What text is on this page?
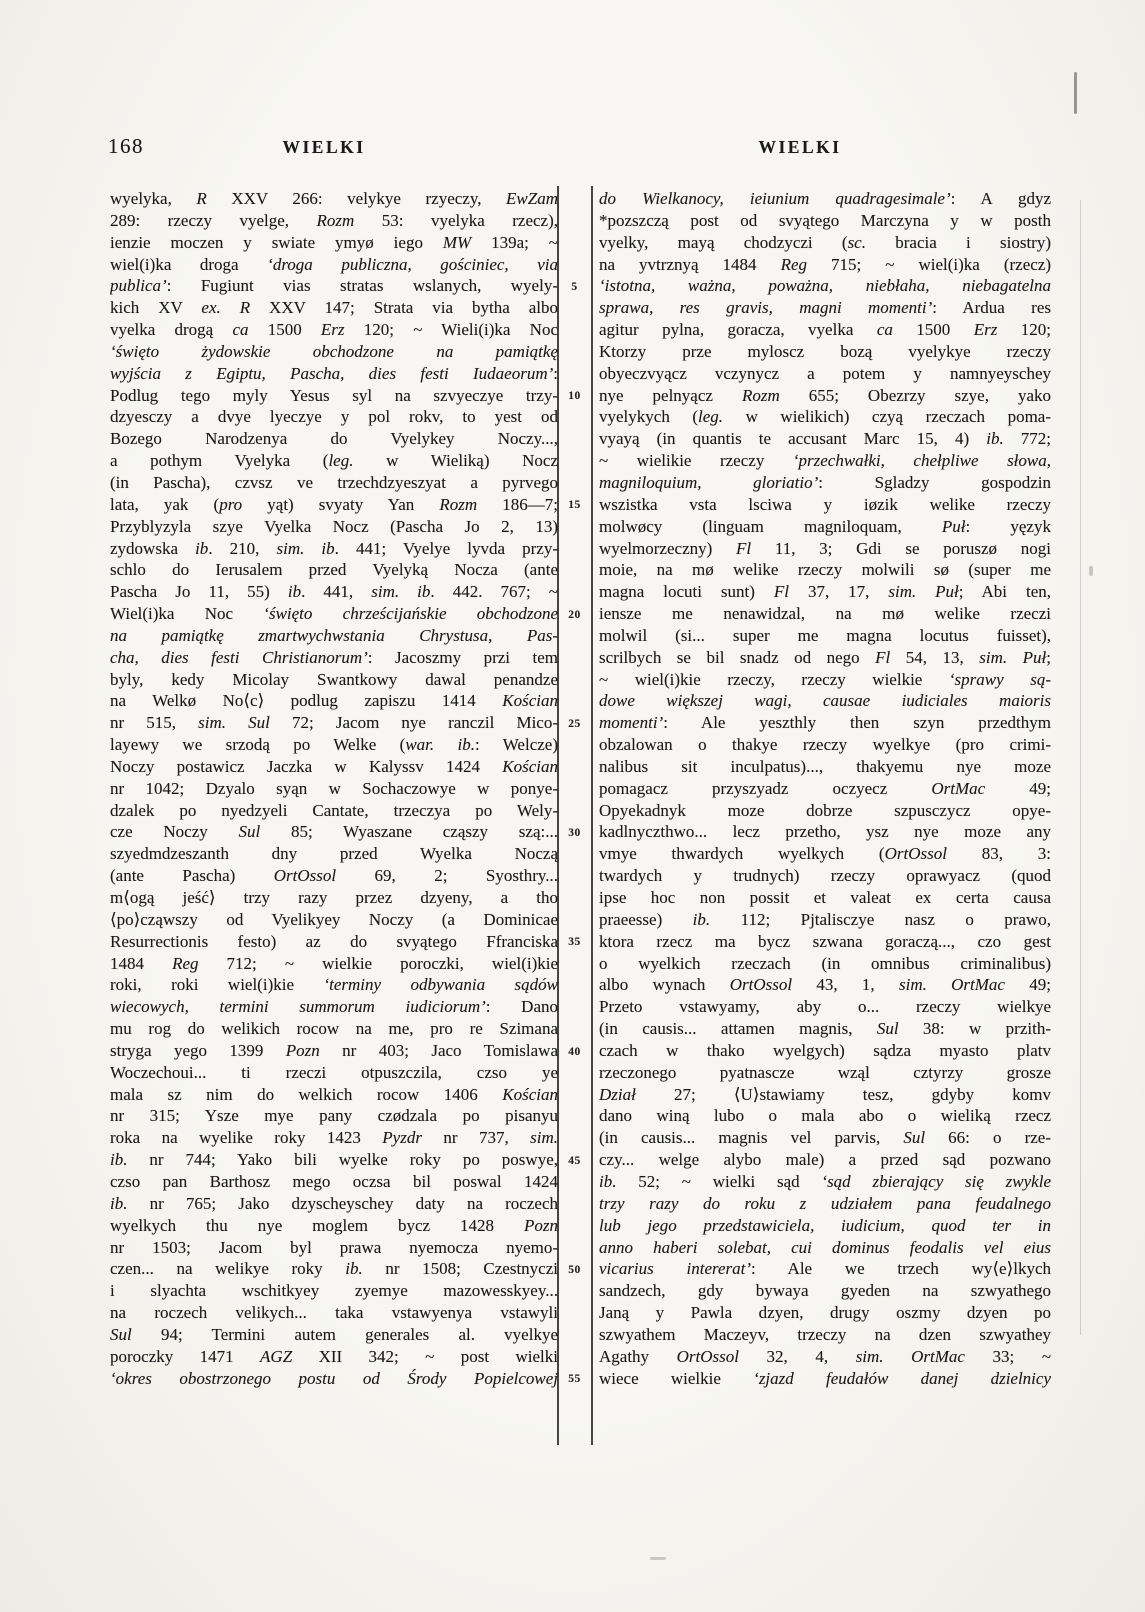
168	WIELKI	WIELKI
5
10
15
20
25
30
35
40
45
50
55
wyelyka, R XXV 266: velykye rzyeczy, EwZam
289: rzeczy vyelge, Rozm 53: vyelyka rzecz),
ienzie moczen y swiate ymyø iego MW 139a; ~
wiel(i)ka droga ‘droga publiczna, gościniec, via
publica’: Fugiunt vias stratas wslanych, wyely-
kich XV ex. R XXV 147; Strata via bytha albo
vyelka drogą ca 1500 Erz 120; ~ Wieli(i)ka Noc
‘święto żydowskie obchodzone na pamiątkę
wyjścia z Egiptu, Pascha, dies festi Iudaeorum’:
Podlug tego myly Yesus syl na szvyeczye trzy-
dzyesczy a dvye lyeczye y pol rokv, to yest od
Bozego Narodzenya do Vyelykey Noczy...,
a pothym Vyelyka (leg. w Wieliką) Nocz
(in Pascha), czvsz ve trzechdzyeszyat a pyrvego
lata, yak (pro yąt) svyaty Yan Rozm 186—7;
Przyblyzyla szye Vyelka Nocz (Pascha Jo 2, 13)
zydowska ib. 210, sim. ib. 441; Vyelye lyvda przy-
schlo do Ierusalem przed Vyelyką Nocza (ante
Pascha Jo 11, 55) ib. 441, sim. ib. 442. 767; ~
Wiel(i)ka Noc ‘święto chrześcijańskie obchodzone
na pamiątkę zmartwychwstania Chrystusa, Pas-
cha, dies festi Christianorum’: Jacoszmy przi tem
byly, kedy Micolay Swantkowy dawal penandze
na Welkø No⟨c⟩ podlug zapiszu 1414 Kościan
nr 515, sim. Sul 72; Jacom nye ranczil Mico-
layewy we srzodą po Welke (war. ib.: Welcze)
Noczy postawicz Jaczka w Kalyssv 1424 Kościan
nr 1042; Dzyalo syąn w Sochaczowye w ponye-
dzalek po nyedzyeli Cantate, trzeczya po Wely-
cze Noczy Sul 85; Wyaszane cząszy szą:...
szyedmdzeszanth dny przed Wyelka Noczą
(ante Pascha) OrtOssol 69, 2; Syosthry...
m⟨ogą jeść⟩ trzy razy przez dzyeny, a tho
⟨po⟩cząwszy od Vyelikyey Noczy (a Dominicae
Resurrectionis festo) az do svyątego Ffranciska
1484 Reg 712; ~ wielkie poroczki, wiel(i)kie
roki, roki wiel(i)kie ‘terminy odbywania sądów
wiecowych, termini summorum iudiciorum’: Dano
mu rog do welikich rocow na me, pro re Szimana
stryga yego 1399 Pozn nr 403; Jaco Tomislawa
Woczechoui... ti rzeczi otpuszczila, czso ye
mala sz nim do welkich rocow 1406 Kościan
nr 315; Ysze mye pany czødzala po pisanyu
roka na wyelike roky 1423 Pyzdr nr 737, sim.
ib. nr 744; Yako bili wyelke roky po poswye,
czso pan Barthosz mego oczsa bil poswal 1424
ib. nr 765; Jako dzyscheyschey daty na roczech
wyelkych thu nye moglem bycz 1428 Pozn
nr 1503; Jacom byl prawa nyemocza nyemo-
czen... na welikye roky ib. nr 1508; Czestnyczi
i slyachta wschitkyey zyemye mazowesskyey...
na roczech velikych... taka vstawyenya vstawyli
Sul 94; Termini autem generales al. vyelkye
poroczky 1471 AGZ XII 342; ~ post wielki
‘okres obostrzonego postu od Środy Popielcowej
do Wielkanocy, ieiunium quadragesimale’: A gdyz
*pozszczą post od svyątego Marczyna y w posth
vyelky, mayą chodzyczi (sc. bracia i siostry)
na yvtrznyą 1484 Reg 715; ~ wiel(i)ka (rzecz)
‘istotna, ważna, poważna, niebłaha, niebagatelna
sprawa, res gravis, magni momenti’: Ardua res
agitur pylna, goracza, vyelka ca 1500 Erz 120;
Ktorzy prze myloscz bozą vyelykye rzeczy
obyeczvyącz vczynycz a potem y namnyeyschey
nye pelnyącz Rozm 655; Obezrzy szye, yako
vyelykych (leg. w wielikich) czyą rzeczach poma-
vyayą (in quantis te accusant Marc 15, 4) ib. 772;
~ wielikie rzeczy ‘przechwałki, chełpliwe słowa,
magniloquium, gloriatio’: Sgladzy gospodzin
wszistka vsta lsciwa y iøzik welike rzeczy
molwøcy (linguam magniloquam, Puł: yęzyk
wyelmorzeczny) Fl 11, 3; Gdi se poruszø nogi
moie, na mø welike rzeczy molwili sø (super me
magna locuti sunt) Fl 37, 17, sim. Puł; Abi ten,
iensze me nenawidzal, na mø welike rzeczi
molwil (si... super me magna locutus fuisset),
scrilbych se bil snadz od nego Fl 54, 13, sim. Puł;
~ wiel(i)kie rzeczy, rzeczy wielkie ‘sprawy są-
dowe większej wagi, causae iudiciales maioris
momenti’: Ale yeszthly then szyn przedthym
obzalowan o thakye rzeczy wyelkye (pro crimi-
nalibus sit inculpatus)..., thakyemu nye moze
pomagacz przyszyadz oczyecz OrtMac 49;
Opyekadnyk moze dobrze szpusczycz opye-
kadlnyczthwo... lecz przetho, ysz nye moze any
vmye thwardych wyelkych (OrtOssol 83, 3:
twardych y trudnych) rzeczy oprawyacz (quod
ipse hoc non possit et valeat ex certa causa
praeesse) ib. 112; Pjtalisczye nasz o prawo,
ktora rzecz ma bycz szwana goraczą..., czo gest
o wyelkich rzeczach (in omnibus criminalibus)
albo wynach OrtOssol 43, 1, sim. OrtMac 49;
Przeto vstawyamy, aby o... rzeczy wielkye
(in causis... attamen magnis, Sul 38: w przith-
czach w thako wyelgych) sądza myasto platv
rzeczonego pyatnascze wząl cztyrzy grosze
Dział 27; ⟨U⟩stawiamy tesz, gdyby komv
dano winą lubo o mala abo o wieliką rzecz
(in causis... magnis vel parvis, Sul 66: o rze-
czy... welge alybo male) a przed sąd pozwano
ib. 52; ~ wielki sąd ‘sąd zbierający się zwykle
trzy razy do roku z udziałem pana feudalnego
lub jego przedstawiciela, iudicium, quod ter in
anno haberi solebat, cui dominus feodalis vel eius
vicarius intererat’: Ale we trzech wy⟨e⟩lkych
sandzech, gdy bywaya gyeden na szwyathego
Janą y Pawla dzyen, drugy oszmy dzyen po
szwyathem Maczeyv, trzeczy na dzen szwyathey
Agathy OrtOssol 32, 4, sim. OrtMac 33; ~
wiece wielkie ‘zjazd feudałów danej dzielnicy
